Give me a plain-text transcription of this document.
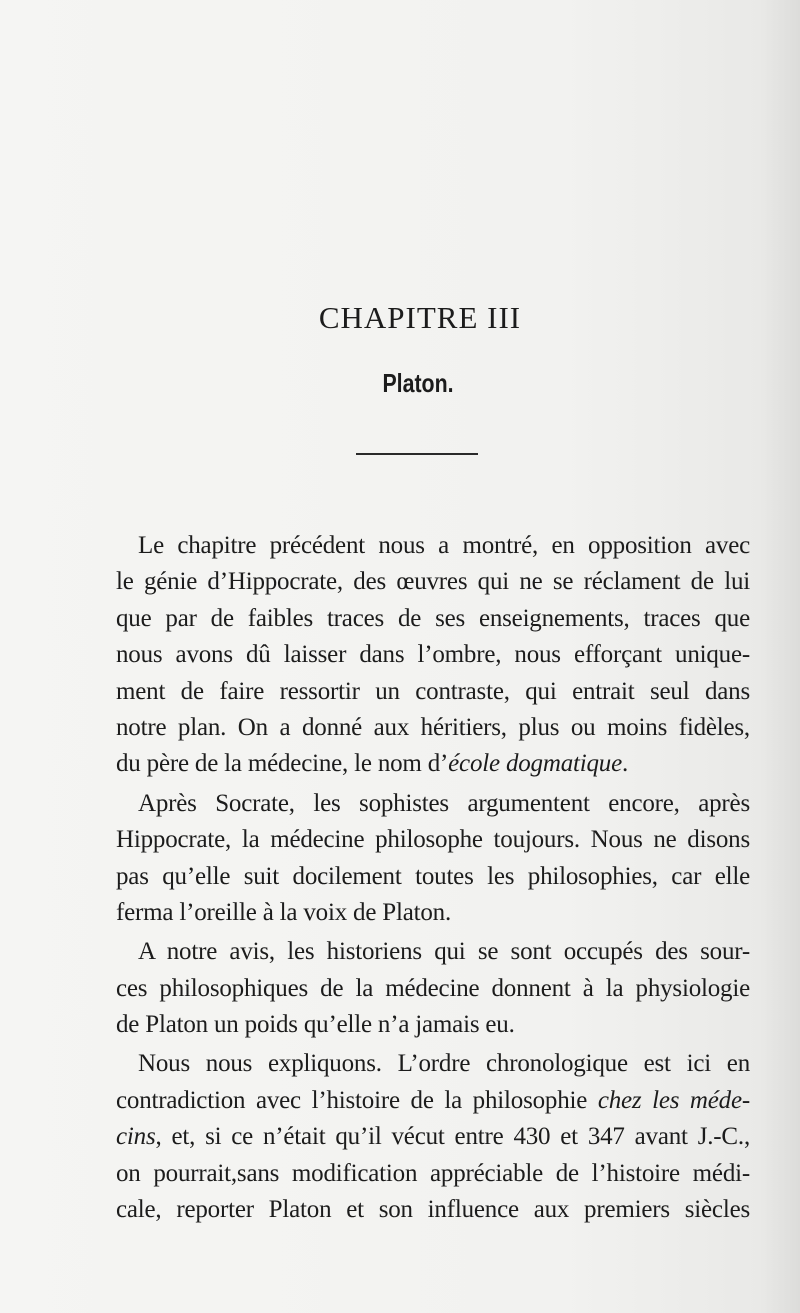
CHAPITRE III
Platon.
Le chapitre précédent nous a montré, en opposition avec
le génie d’Hippocrate, des œuvres qui ne se réclament de lui
que par de faibles traces de ses enseignements, traces que
nous avons dû laisser dans l’ombre, nous efforçant unique-
ment de faire ressortir un contraste, qui entrait seul dans
notre plan. On a donné aux héritiers, plus ou moins fidèles,
du père de la médecine, le nom d’école dogmatique.
Après Socrate, les sophistes argumentent encore, après
Hippocrate, la médecine philosophe toujours. Nous ne disons
pas qu’elle suit docilement toutes les philosophies, car elle
ferma l’oreille à la voix de Platon.
A notre avis, les historiens qui se sont occupés des sour-
ces philosophiques de la médecine donnent à la physiologie
de Platon un poids qu’elle n’a jamais eu.
Nous nous expliquons. L’ordre chronologique est ici en
contradiction avec l’histoire de la philosophie chez les méde-
cins, et, si ce n’était qu’il vécut entre 430 et 347 avant J.-C.,
on pourrait,sans modification appréciable de l’histoire médi-
cale, reporter Platon et son influence aux premiers siècles
